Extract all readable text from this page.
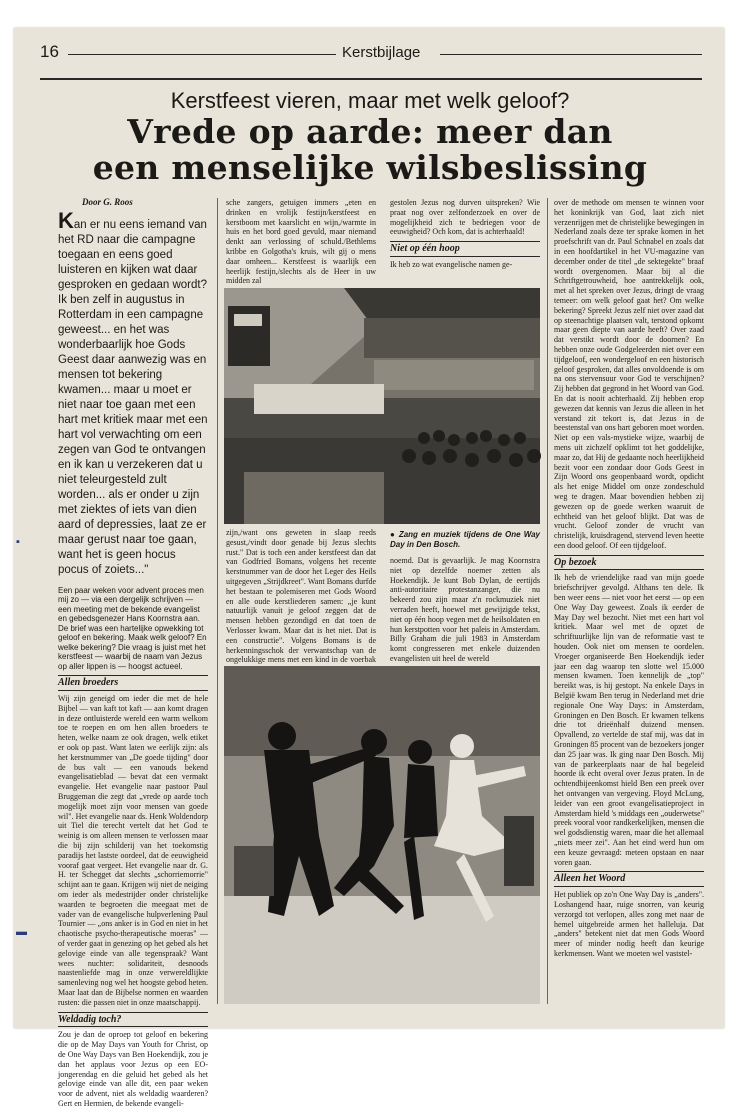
16	Kerstbijlage
Kerstfeest vieren, maar met welk geloof?
Vrede op aarde: meer dan
een menselijke wilsbeslissing
▪
▬
Door G. Roos
Kan er nu eens iemand van het RD naar die campagne toegaan en eens goed luisteren en kijken wat daar gesproken en gedaan wordt? Ik ben zelf in augustus in Rotterdam in een campagne geweest... en het was wonderbaarlijk hoe Gods Geest daar aanwezig was en mensen tot bekering kwamen... maar u moet er niet naar toe gaan met een hart met kritiek maar met een hart vol verwachting om een zegen van God te ontvangen en ik kan u verzekeren dat u niet teleurgesteld zult worden... als er onder u zijn met ziektes of iets van dien aard of depressies, laat ze er maar gerust naar toe gaan, want het is geen hocus pocus of zoiets..."
Een paar weken voor advent proces men mij zo — via een dergelijk schrijven — een meeting met de bekende evangelist en gebedsgenezer Hans Koornstra aan. De brief was een hartelijke opwekking tot geloof en bekering. Maak welk geloof? En welke bekering? Die vraag is juist met het kerstfeest — waarbij de naam van Jezus op aller lippen is — hoogst actueel.
Allen broeders

Wij zijn geneigd om ieder die met de hele Bijbel — van kaft tot kaft — aan komt dragen in deze ontluisterde wereld een warm welkom toe te roepen en om hen allen broeders te heten, welke naam ze ook dragen, welk etiket er ook op past. Want laten we eerlijk zijn: als het kerstnummer van „De goede tijding" door de bus valt — een vanouds bekend evangelisatieblad — bevat dat een vermakt evangelie. Het evangelie naar pastoor Paul Bruggeman die zegt dat „vrede op aarde toch mogelijk moet zijn voor mensen van goede wil". Het evangelie naar ds. Henk Woldendorp uit Tiel die terecht vertelt dat het God te weinig is om alleen mensen te verlossen maar die bij zijn schilderij van het toekomstig paradijs het lastste oordeel, dat de eeuwigheid vooraf gaat vergeet. Het evangelie naar dr. G. H. ter Schegget dat slechts „schorriemorrie" schijnt aan te gaan. Krijgen wij niet de neiging om ieder als medestrijder onder christelijke waarden te begroeten die meegaat met de vader van de evangelische hulpverlening Paul Tournier — „ons anker is in God en niet in het chaotische psycho-therapeutische moeras" — of verder gaat in genezing op het gebed als het gelovige einde van alle tegenspraak? Want wees nuchter: solidariteit, desnoods naastenliefde mag in onze verwereldlijkte samenleving nog wel het hoogste gebod heten. Maar laat dan de Bijbelse normen en waarden rusten: die passen niet in onze maatschappij.

Weldadig toch?

Zou je dan de oproep tot geloof en bekering die op de May Days van Youth for Christ, op de One Way Days van Ben Hoekendijk, zou je dan het applaus voor Jezus op een EO-jongerendag en die geluid het gebed als het gelovige einde van alle dit, een paar weken voor de advent, niet als weldadig waarderen? Gert en Hermien, de bekende evangeli-

sche zangers, getuigen immers „eten en drinken en vrolijk festijn/kerstfeest en kerstboom met kaarslicht en wijn,/warmte in huis en het bord goed gevuld, maar niemand denkt aan verlossing of schuld./Bethlems kribbe en Golgotha's kruis, wilt gij o mens daar omheen... Kerstfeest is waarlijk een heerlijk festijn,/slechts als de Heer in uw midden zal

gestolen Jezus nog durven uitspreken? Wie praat nog over zelfonderzoek en over de mogelijkheid zich te bedriegen voor de eeuwigheid? Och kom, dat is achterhaald!

Niet op één hoop

Ik heb zo wat evangelische namen ge-

zijn,/want ons geweten in slaap reeds gesust,/vindt door genade bij Jezus slechts rust." Dat is toch een ander kerstfeest dan dat van Godfried Bomans, volgens het recente kerstnummer van de door het Leger des Heils uitgegeven „Strijdkreet". Want Bomans durfde het bestaan te polemiseren met Gods Woord en alle oude kerstliederen samen: „je kunt natuurlijk vanuit je geloof zeggen dat de mensen hebben gezondigd en dat toen de Verlosser kwam. Maar dat is het niet. Dat is een constructie". Volgens Bomans is de herkenningsschok der verwantschap van de ongelukkige mens met een kind in de voerbak

● Zang en muziek tijdens de One Way Day in Den Bosch.

noemd. Dat is gevaarlijk. Je mag Koornstra niet op dezelfde noemer zetten als Hoekendijk. Je kunt Bob Dylan, de eertijds anti-autoritaire protestanzanger, die nu bekeerd zou zijn maar z'n rockmuziek niet verraden heeft, hoewel met gewijzigde tekst, niet op één hoop vegen met de heilsoldaten en hun kerstpotten voor het paleis in Amsterdam. Billy Graham die juli 1983 in Amsterdam komt congresseren met enkele duizenden evangelisten uit heel de wereld

over de methode om mensen te winnen voor het koninkrijk van God, laat zich niet verzenrijgen met de christelijke bewegingen in Nederland zoals deze ter sprake komen in het proefschrift van dr. Paul Schnabel en zoals dat in een hoofdartikel in het VU-magazine van december onder de titel „de sektegekte" braaf wordt overgenomen. Maar bij al die Schriftgetrouwheid, hoe aantrekkelijk ook, met al het spreken over Jezus, dringt de vraag temeer: om welk geloof gaat het? Om welke bekering? Spreekt Jezus zelf niet over zaad dat op steenachtige plaatsen valt, terstond opkomt maar geen diepte van aarde heeft? Over zaad dat verstikt wordt door de doornen? En hebben onze oude Godgeleerden niet over een tijdgeloof, een wondergeloof en een historisch geloof gesproken, dat alles onvoldoende is om na ons stervensuur voor God te verschijnen? Zij hebben dat gegrond in het Woord van God. En dat is nooit achterhaald. Zij hebben erop gewezen dat kennis van Jezus die alleen in het verstand zit tekort is, dat Jezus in de beestenstal van ons hart geboren moet worden. Niet op een vals-mystieke wijze, waarbij de mens uit zichzelf opklimt tot het goddelijke, maar zo, dat Hij de gedaante noch heerlijkheid bezit voor een zondaar door Gods Geest in Zijn Woord ons geopenbaard wordt, opdicht als het enige Middel om onze zondeschuld weg te dragen. Maar bovendien hebben zij gewezen op de goede werken waaruit de echtheid van het geloof blijkt. Dat was de vrucht. Geloof zonder de vrucht van christelijk, kruisdragend, stervend leven heette een dood geloof. Of een tijdgeloof.

Op bezoek

Ik heb de vriendelijke raad van mijn goede briefschrijver gevolgd. Althans ten dele. Ik ben weer eens — niet voor het eerst — op een One Way Day geweest. Zoals ik eerder de May Day wel bezocht. Niet met een hart vol kritiek. Maar wel met de opzet de schriftuurlijke lijn van de reformatie vast te houden. Ook niet om mensen te oordelen. Vroeger organiseerde Ben Hoekendijk ieder jaar een dag waarop ten slotte wel 15.000 mensen kwamen. Toen kennelijk de „top" bereikt was, is hij gestopt. Na enkele Days in België kwam Ben terug in Nederland met drie regionale One Way Days: in Amsterdam, Groningen en Den Bosch. Er kwamen telkens drie tot drieënhalf duizend mensen. Opvallend, zo vertelde de staf mij, was dat in Groningen 85 procent van de bezoekers jonger dan 25 jaar was. Ik ging naar Den Bosch. Mij van de parkeerplaats naar de hal begeleid hoorde ik echt overal over Jezus praten. In de ochtendbijeenkomst hield Ben een preek over het ontvangen van vergeving. Floyd McLung, leider van een groot evangelisatieproject in Amsterdam hield 's middags een „ouderwetse" preek vooral voor randkerkelijken, mensen die wel godsdienstig waren, maar die het allemaal „niets meer zei". Aan het eind werd hun om een keuze gevraagd: meteen opstaan en naar voren gaan.

Alleen het Woord

Het publiek op zo'n One Way Day is „anders". Loshangend haar, ruige snorren, van keurig verzorgd tot verlopen, alles zong met naar de hemel uitgebreide armen het halleluja. Dat „anders" betekent niet dat men Gods Woord meer of minder nodig heeft dan keurige kerkmensen. Want we moeten wel vaststel-
